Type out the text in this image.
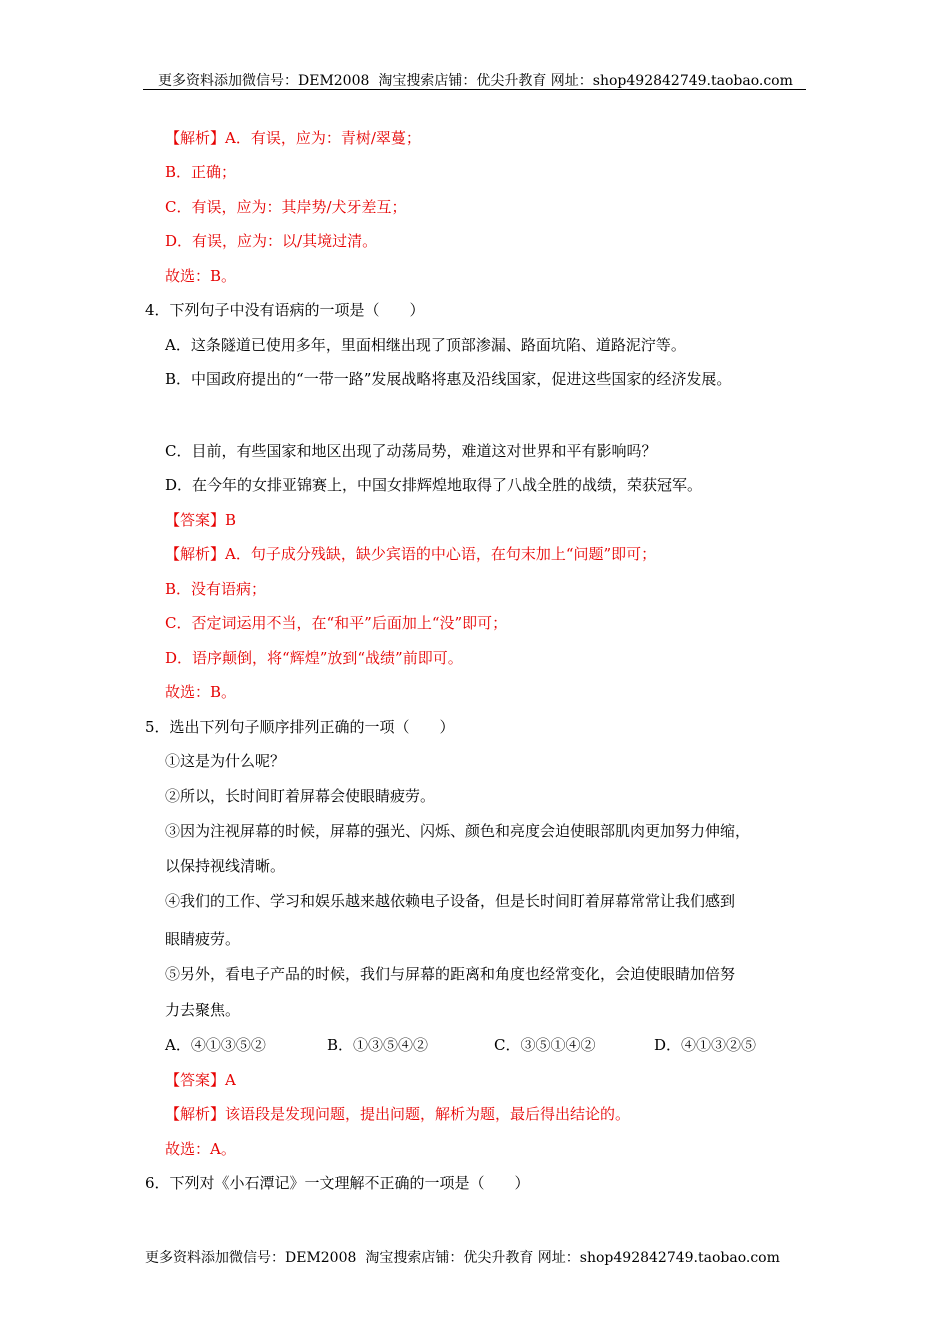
更多资料添加微信号：DEM2008 淘宝搜索店铺：优尖升教育 网址：shop492842749.taobao.com
【解析】A．有误，应为：青树/翠蔓；
B．正确；
C．有误，应为：其岸势/犬牙差互；
D．有误，应为：以/其境过清。
故选：B。
4．下列句子中没有语病的一项是（　　）
A．这条隧道已使用多年，里面相继出现了顶部渗漏、路面坑陷、道路泥泞等。
B．中国政府提出的“一带一路”发展战略将惠及沿线国家，促进这些国家的经济发展。
C．目前，有些国家和地区出现了动荡局势，难道这对世界和平有影响吗？
D．在今年的女排亚锦赛上，中国女排辉煌地取得了八战全胜的战绩，荣获冠军。
【答案】B
【解析】A．句子成分残缺，缺少宾语的中心语，在句末加上“问题”即可；
B．没有语病；
C．否定词运用不当，在“和平”后面加上“没”即可；
D．语序颠倒，将“辉煌”放到“战绩”前即可。
故选：B。
5．选出下列句子顺序排列正确的一项（　　）
①这是为什么呢？
②所以，长时间盯着屏幕会使眼睛疲劳。
③因为注视屏幕的时候，屏幕的强光、闪烁、颜色和亮度会迫使眼部肌肉更加努力伸缩，
以保持视线清晰。
④我们的工作、学习和娱乐越来越依赖电子设备，但是长时间盯着屏幕常常让我们感到
眼睛疲劳。
⑤另外，看电子产品的时候，我们与屏幕的距离和角度也经常变化，会迫使眼睛加倍努
力去聚焦。
A．④①③⑤②	B．①③⑤④②	C．③⑤①④②	D．④①③②⑤
【答案】A
【解析】该语段是发现问题，提出问题，解析为题，最后得出结论的。
故选：A。
6．下列对《小石潭记》一文理解不正确的一项是（　　）
更多资料添加微信号：DEM2008 淘宝搜索店铺：优尖升教育 网址：shop492842749.taobao.com
